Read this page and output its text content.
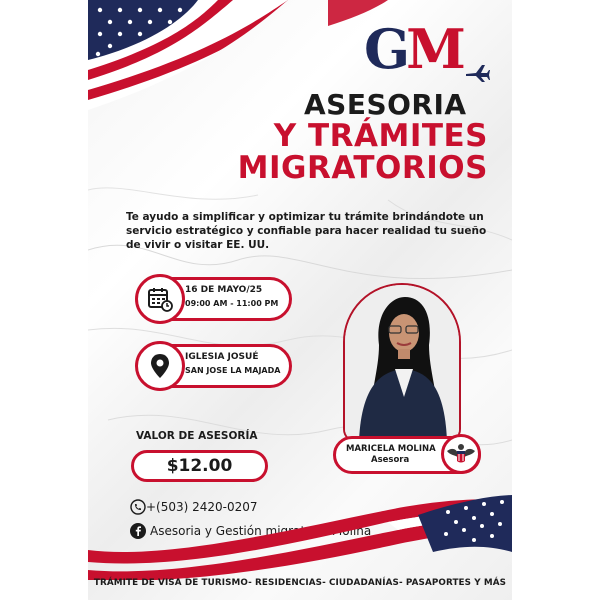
GM
ASESORIA
Y TRÁMITES
MIGRATORIOS
Te ayudo a simplificar y optimizar tu trámite brindándote un servicio estratégico y confiable para hacer realidad tu sueño de vivir o visitar EE. UU.
16 DE MAYO/25
09:00 AM - 11:00 PM
IGLESIA JOSUÉ
SAN JOSE LA MAJADA
VALOR DE ASESORÍA
$12.00
MARICELA MOLINA
Asesora
+(503) 2420-0207
Asesoria y Gestión migratoria Molina
TRÁMITE DE VISA DE TURISMO- RESIDENCIAS- CIUDADANÍAS- PASAPORTES Y MÁS
